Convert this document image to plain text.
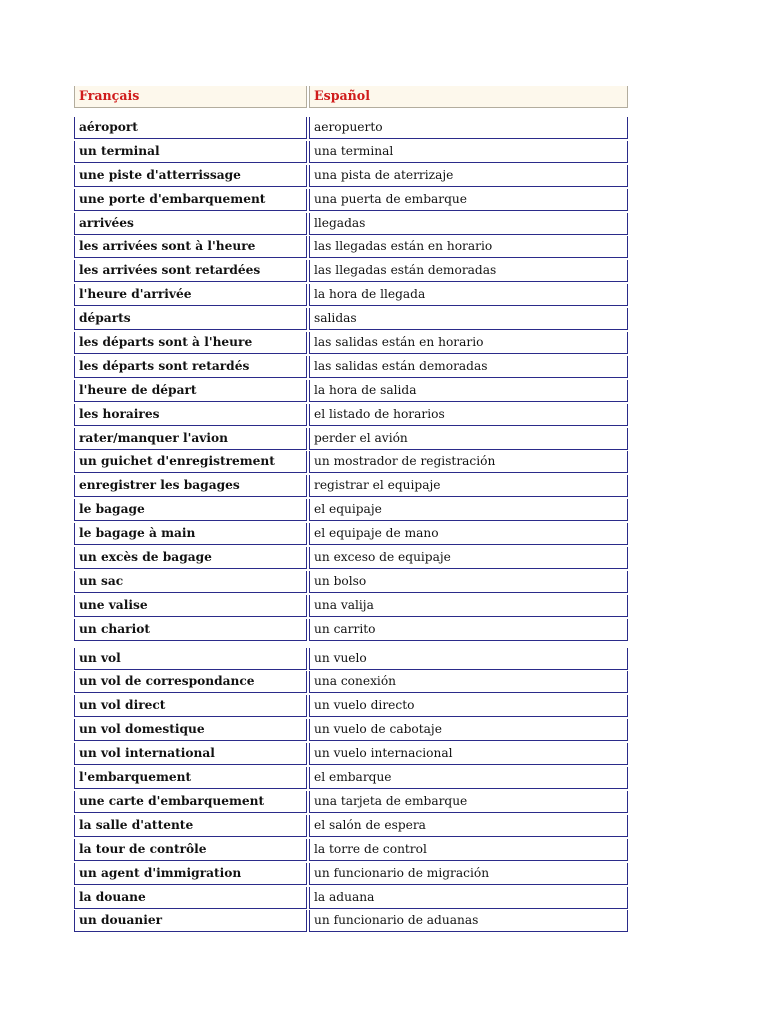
Français	Español
aéroport	aeropuerto
un terminal	una terminal
une piste d'atterrissage	una pista de aterrizaje
une porte d'embarquement	una puerta de embarque
arrivées	llegadas
les arrivées sont à l'heure	las llegadas están en horario
les arrivées sont retardées	las llegadas están demoradas
l'heure d'arrivée	la hora de llegada
départs	salidas
les départs sont à l'heure	las salidas están en horario
les départs sont retardés	las salidas están demoradas
l'heure de départ	la hora de salida
les horaires	el listado de horarios
rater/manquer l'avion	perder el avión
un guichet d'enregistrement	un mostrador de registración
enregistrer les bagages	registrar el equipaje
le bagage	el equipaje
le bagage à main	el equipaje de mano
un excès de bagage	un exceso de equipaje
un sac	un bolso
une valise	una valija
un chariot	un carrito
un vol	un vuelo
un vol de correspondance	una conexión
un vol direct	un vuelo directo
un vol domestique	un vuelo de cabotaje
un vol international	un vuelo internacional
l'embarquement	el embarque
une carte d'embarquement	una tarjeta de embarque
la salle d'attente	el salón de espera
la tour de contrôle	la torre de control
un agent d'immigration	un funcionario de migración
la douane	la aduana
un douanier	un funcionario de aduanas
